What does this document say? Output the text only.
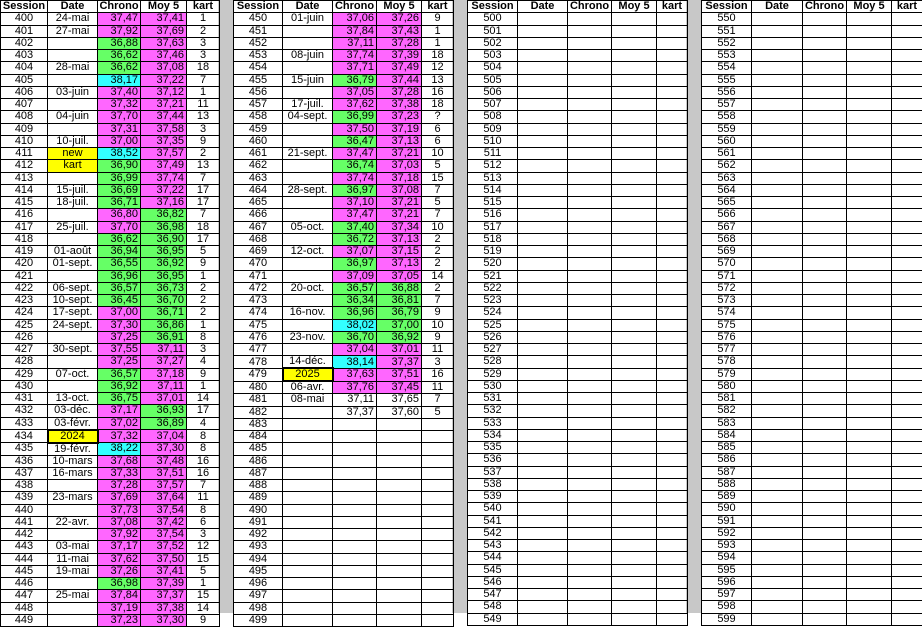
Session	Date	Chrono	Moy 5	kart
400	24-mai	37,47	37,41	1
401	27-mai	37,92	37,69	2
402		36,88	37,63	3
403		36,62	37,46	3
404	28-mai	36,62	37,08	18
405		38,17	37,22	7
406	03-juin	37,40	37,12	1
407		37,32	37,21	11
408	04-juin	37,70	37,44	13
409		37,31	37,58	3
410	10-juil.	37,00	37,35	9
411	new	38,52	37,57	2
412	kart	36,90	37,49	13
413		36,99	37,74	7
414	15-juil.	36,69	37,22	17
415	18-juil.	36,71	37,16	17
416		36,80	36,82	7
417	25-juil.	37,70	36,98	18
418		36,62	36,90	17
419	01-août	36,94	36,95	5
420	01-sept.	36,55	36,92	9
421		36,96	36,95	1
422	06-sept.	36,57	36,73	2
423	10-sept.	36,45	36,70	2
424	17-sept.	37,00	36,71	2
425	24-sept.	37,30	36,86	1
426		37,25	36,91	8
427	30-sept.	37,55	37,11	3
428		37,25	37,27	4
429	07-oct.	36,57	37,18	9
430		36,92	37,11	1
431	13-oct.	36,75	37,01	14
432	03-déc.	37,17	36,93	17
433	03-févr.	37,02	36,89	4
434	2024	37,32	37,04	8
435	19-févr.	38,22	37,30	8
436	10-mars	37,68	37,48	16
437	16-mars	37,33	37,51	16
438		37,28	37,57	7
439	23-mars	37,69	37,64	11
440		37,73	37,54	8
441	22-avr.	37,08	37,42	6
442		37,92	37,54	3
443	03-mai	37,17	37,52	12
444	11-mai	37,62	37,50	15
445	19-mai	37,26	37,41	5
446		36,98	37,39	1
447	25-mai	37,84	37,37	15
448		37,19	37,38	14
449		37,23	37,30	9
Session	Date	Chrono	Moy 5	kart
450	01-juin	37,06	37,26	9
451		37,84	37,43	1
452		37,11	37,28	1
453	08-juin	37,74	37,39	18
454		37,71	37,49	12
455	15-juin	36,79	37,44	13
456		37,05	37,28	16
457	17-juil.	37,62	37,38	18
458	04-sept.	36,99	37,23	?
459		37,50	37,19	6
460		36,47	37,13	6
461	21-sept.	37,47	37,21	10
462		36,74	37,03	5
463		37,74	37,18	15
464	28-sept.	36,97	37,08	7
465		37,10	37,21	5
466		37,47	37,21	7
467	05-oct.	37,40	37,34	10
468		36,72	37,13	2
469	12-oct.	37,07	37,15	2
470		36,97	37,13	2
471		37,09	37,05	14
472	20-oct.	36,57	36,88	2
473		36,34	36,81	7
474	16-nov.	36,96	36,79	9
475		38,02	37,00	10
476	23-nov.	36,70	36,92	9
477		37,04	37,01	11
478	14-déc.	38,14	37,37	3
479	2025	37,63	37,51	16
480	06-avr.	37,76	37,45	11
481	08-mai	37,11	37,65	7
482		37,37	37,60	5
483				
484				
485				
486				
487				
488				
489				
490				
491				
492				
493				
494				
495				
496				
497				
498				
499				
Session	Date	Chrono	Moy 5	kart
500				
501				
502				
503				
504				
505				
506				
507				
508				
509				
510				
511				
512				
513				
514				
515				
516				
517				
518				
519				
520				
521				
522				
523				
524				
525				
526				
527				
528				
529				
530				
531				
532				
533				
534				
535				
536				
537				
538				
539				
540				
541				
542				
543				
544				
545				
546				
547				
548				
549				
Session	Date	Chrono	Moy 5	kart
550				
551				
552				
553				
554				
555				
556				
557				
558				
559				
560				
561				
562				
563				
564				
565				
566				
567				
568				
569				
570				
571				
572				
573				
574				
575				
576				
577				
578				
579				
580				
581				
582				
583				
584				
585				
586				
587				
588				
589				
590				
591				
592				
593				
594				
595				
596				
597				
598				
599				
